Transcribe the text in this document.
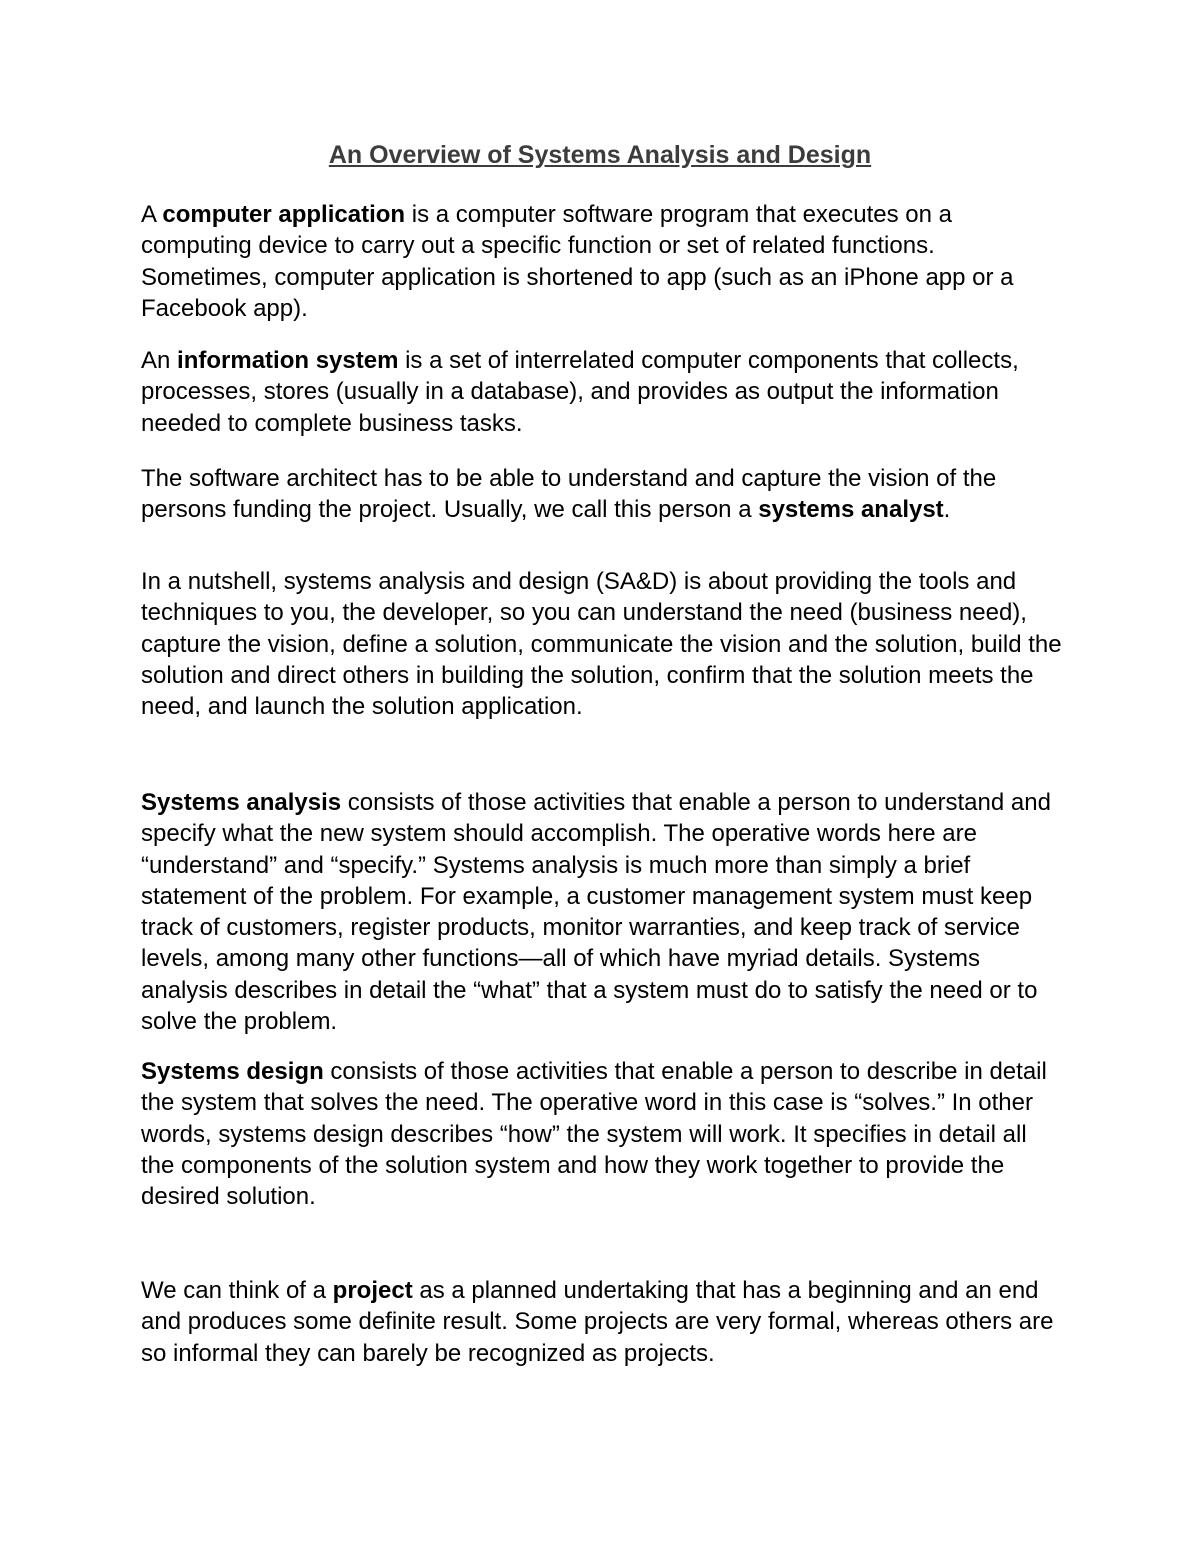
An Overview of Systems Analysis and Design

A computer application is a computer software program that executes on a computing device to carry out a specific function or set of related functions. Sometimes, computer application is shortened to app (such as an iPhone app or a Facebook app).

An information system is a set of interrelated computer components that collects, processes, stores (usually in a database), and provides as output the information needed to complete business tasks.

The software architect has to be able to understand and capture the vision of the persons funding the project. Usually, we call this person a systems analyst.

In a nutshell, systems analysis and design (SA&D) is about providing the tools and techniques to you, the developer, so you can understand the need (business need), capture the vision, define a solution, communicate the vision and the solution, build the solution and direct others in building the solution, confirm that the solution meets the need, and launch the solution application.

Systems analysis consists of those activities that enable a person to understand and specify what the new system should accomplish. The operative words here are “understand” and “specify.” Systems analysis is much more than simply a brief statement of the problem. For example, a customer management system must keep track of customers, register products, monitor warranties, and keep track of service levels, among many other functions—all of which have myriad details. Systems analysis describes in detail the “what” that a system must do to satisfy the need or to solve the problem.

Systems design consists of those activities that enable a person to describe in detail the system that solves the need. The operative word in this case is “solves.” In other words, systems design describes “how” the system will work. It specifies in detail all the components of the solution system and how they work together to provide the desired solution.

We can think of a project as a planned undertaking that has a beginning and an end and produces some definite result. Some projects are very formal, whereas others are so informal they can barely be recognized as projects.
